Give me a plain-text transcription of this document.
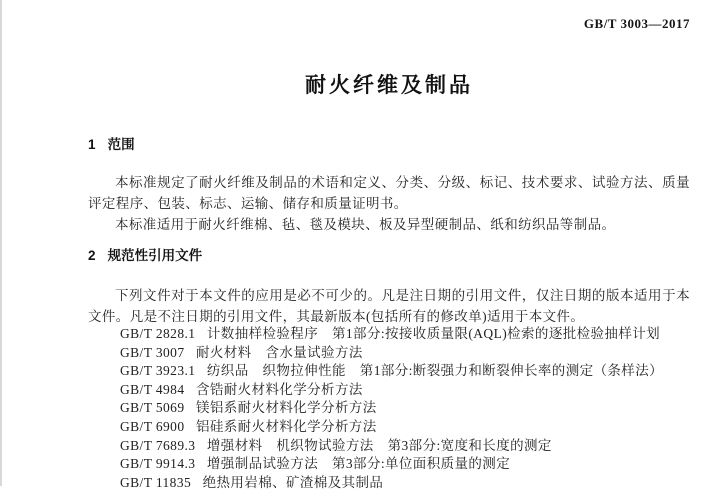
GB/T 3003—2017
耐火纤维及制品
1 范围

本标准规定了耐火纤维及制品的术语和定义、分类、分级、标记、技术要求、试验方法、质量评定程序、包装、标志、运输、储存和质量证明书。

本标准适用于耐火纤维棉、毡、毯及模块、板及异型硬制品、纸和纺织品等制品。

2 规范性引用文件

下列文件对于本文件的应用是必不可少的。凡是注日期的引用文件，仅注日期的版本适用于本文件。凡是不注日期的引用文件，其最新版本(包括所有的修改单)适用于本文件。

GB/T 2828.1 计数抽样检验程序　第1部分:按接收质量限(AQL)检索的逐批检验抽样计划
GB/T 3007 耐火材料　含水量试验方法
GB/T 3923.1 纺织品　织物拉伸性能　第1部分:断裂强力和断裂伸长率的测定（条样法）
GB/T 4984 含锆耐火材料化学分析方法
GB/T 5069 镁铝系耐火材料化学分析方法
GB/T 6900 铝硅系耐火材料化学分析方法
GB/T 7689.3 增强材料　机织物试验方法　第3部分:宽度和长度的测定
GB/T 9914.3 增强制品试验方法　第3部分:单位面积质量的测定
GB/T 11835 绝热用岩棉、矿渣棉及其制品
